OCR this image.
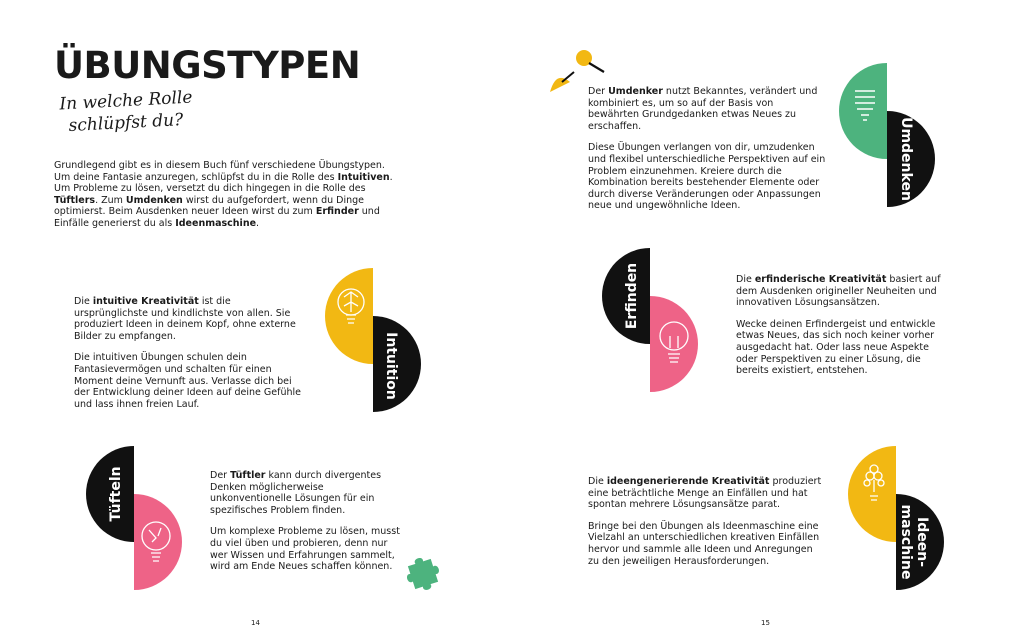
ÜBUNGSTYPEN
In welche Rolle
schlüpfst du?
Grundlegend gibt es in diesem Buch fünf verschiedene Übungstypen.
Um deine Fantasie anzuregen, schlüpfst du in die Rolle des Intuitiven. Um Probleme zu lösen, versetzt du dich hingegen in die Rolle des Tüftlers. Zum Umdenken wirst du aufgefordert, wenn du Dinge optimierst. Beim Ausdenken neuer Ideen wirst du zum Erfinder und Einfälle generierst du als Ideenmaschine.

Die intuitive Kreativität ist die ursprünglichste und kindlichste von allen. Sie produziert Ideen in deinem Kopf, ohne externe Bilder zu empfangen.

Die intuitiven Übungen schulen dein Fantasievermögen und schalten für einen Moment deine Vernunft aus. Verlasse dich bei der Entwicklung deiner Ideen auf deine Gefühle und lass ihnen freien Lauf.

Intuition
Tüfteln	Der Tüftler kann durch divergentes Denken möglicherweise unkonventionelle Lösungen für ein spezifisches Problem finden.

Um komplexe Probleme zu lösen, musst du viel üben und probieren, denn nur wer Wissen und Erfahrungen sammelt, wird am Ende Neues schaffen können.

14

Der Umdenker nutzt Bekanntes, verändert und kombiniert es, um so auf der Basis von bewährten Grundgedanken etwas Neues zu erschaffen.

Diese Übungen verlangen von dir, umzudenken und flexibel unterschiedliche Perspektiven auf ein Problem einzunehmen. Kreiere durch die Kombination bereits bestehender Elemente oder durch diverse Veränderungen oder Anpassungen neue und ungewöhnliche Ideen.

Umdenken
Erfinden	Die erfinderische Kreativität basiert auf dem Ausdenken origineller Neuheiten und innovativen Lösungsansätzen.

Wecke deinen Erfindergeist und entwickle etwas Neues, das sich noch keiner vorher ausgedacht hat. Oder lass neue Aspekte oder Perspektiven zu einer Lösung, die bereits existiert, entstehen.

Die ideengenerierende Kreativität produziert eine beträchtliche Menge an Einfällen und hat spontan mehrere Lösungsansätze parat.

Bringe bei den Übungen als Ideenmaschine eine Vielzahl an unterschiedlichen kreativen Einfällen hervor und sammle alle Ideen und Anregungen zu den jeweiligen Herausforderungen.	Ideen-
maschine
15
